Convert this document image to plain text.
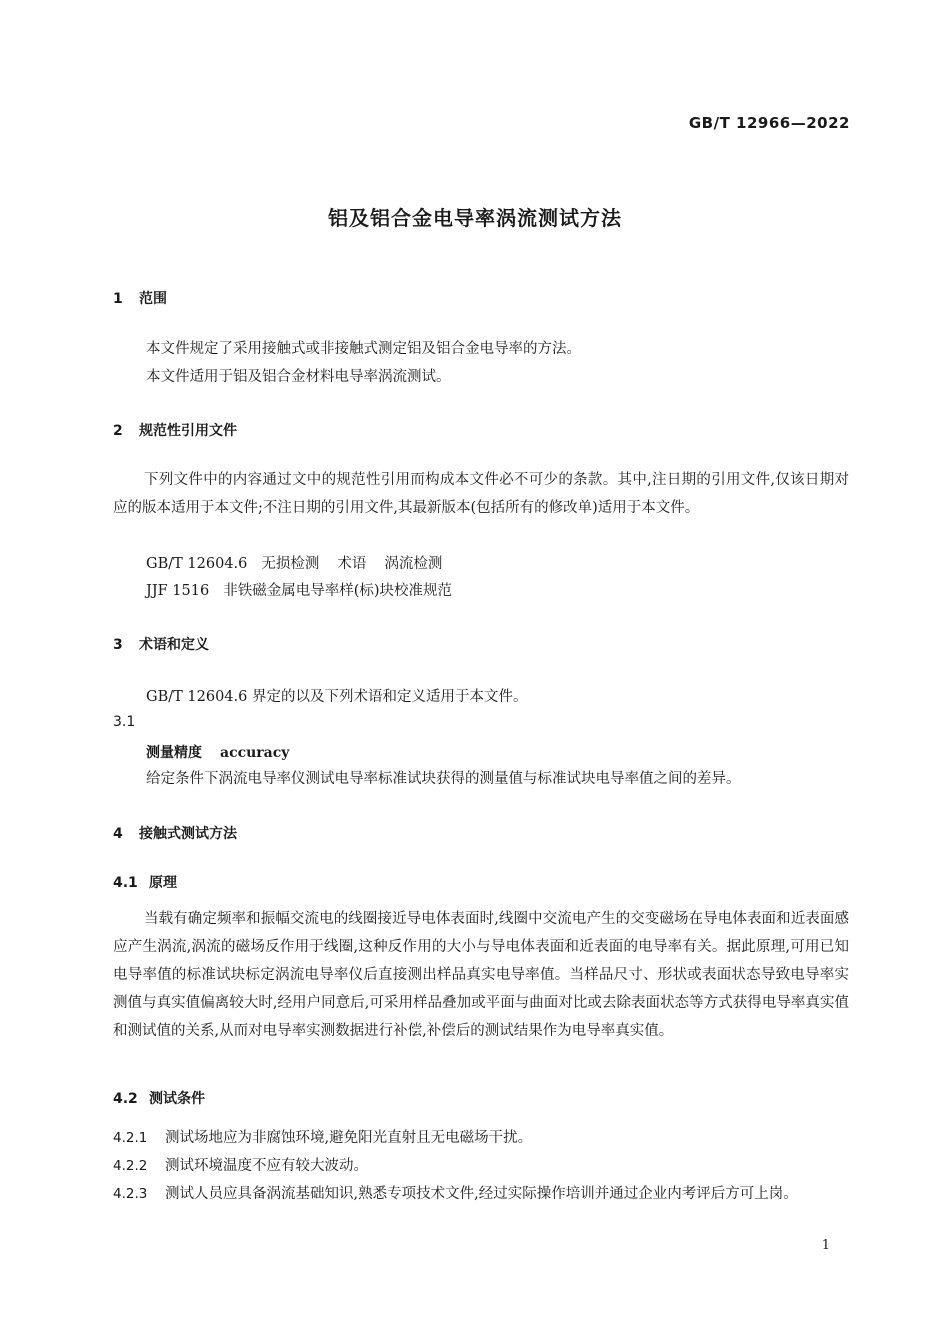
GB/T 12966—2022
铝及铝合金电导率涡流测试方法
1 范围
本文件规定了采用接触式或非接触式测定铝及铝合金电导率的方法。
本文件适用于铝及铝合金材料电导率涡流测试。
2 规范性引用文件
下列文件中的内容通过文中的规范性引用而构成本文件必不可少的条款。其中,注日期的引用文件,仅该日期对应的版本适用于本文件;不注日期的引用文件,其最新版本(包括所有的修改单)适用于本文件。
GB/T 12604.6 无损检测 术语 涡流检测
JJF 1516 非铁磁金属电导率样(标)块校准规范
3 术语和定义
GB/T 12604.6 界定的以及下列术语和定义适用于本文件。
3.1
测量精度 accuracy
给定条件下涡流电导率仪测试电导率标准试块获得的测量值与标准试块电导率值之间的差异。
4 接触式测试方法
4.1 原理
当载有确定频率和振幅交流电的线圈接近导电体表面时,线圈中交流电产生的交变磁场在导电体表面和近表面感应产生涡流,涡流的磁场反作用于线圈,这种反作用的大小与导电体表面和近表面的电导率有关。据此原理,可用已知电导率值的标准试块标定涡流电导率仪后直接测出样品真实电导率值。当样品尺寸、形状或表面状态导致电导率实测值与真实值偏离较大时,经用户同意后,可采用样品叠加或平面与曲面对比或去除表面状态等方式获得电导率真实值和测试值的关系,从而对电导率实测数据进行补偿,补偿后的测试结果作为电导率真实值。
4.2 测试条件
4.2.1 测试场地应为非腐蚀环境,避免阳光直射且无电磁场干扰。
4.2.2 测试环境温度不应有较大波动。
4.2.3 测试人员应具备涡流基础知识,熟悉专项技术文件,经过实际操作培训并通过企业内考评后方可上岗。
1
